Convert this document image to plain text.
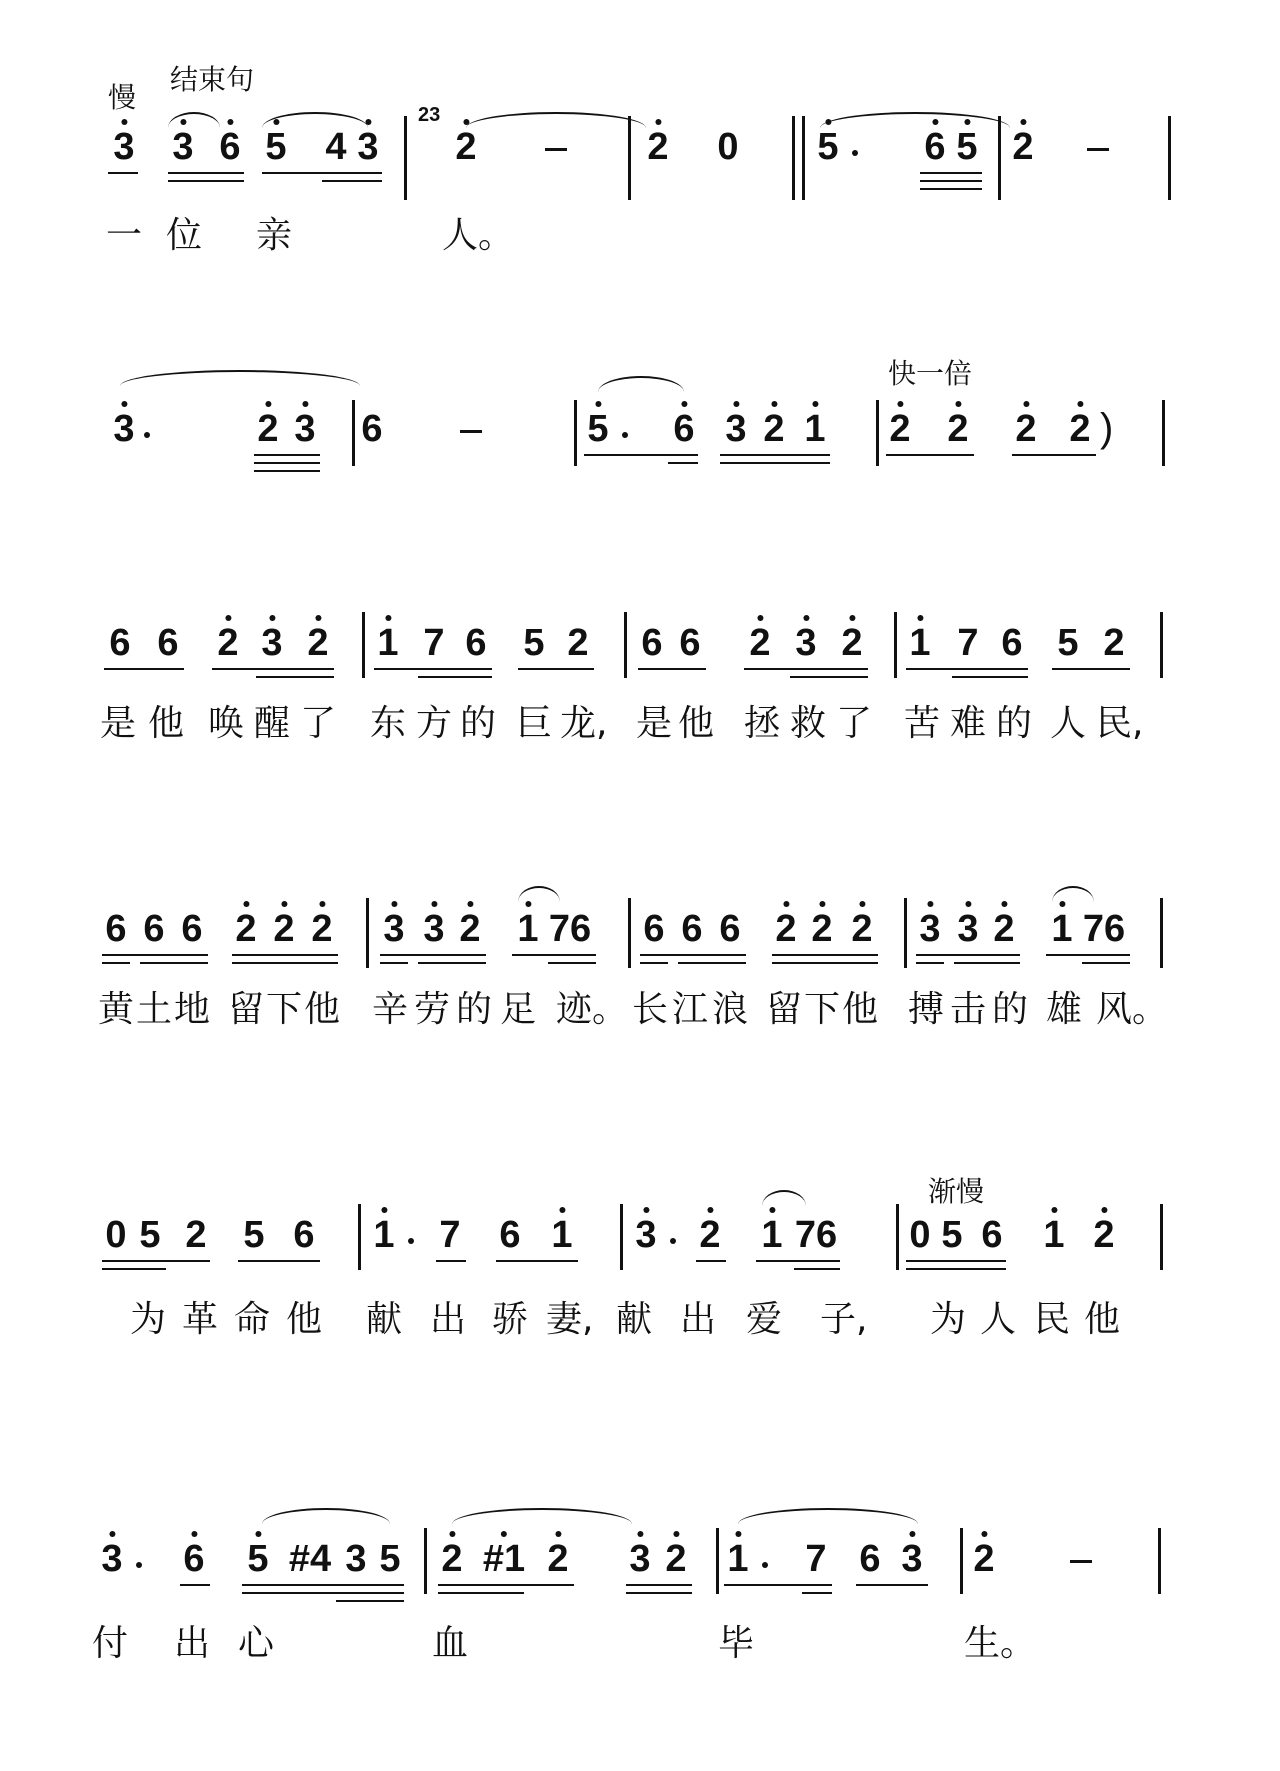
慢
结束句
3 3 6 5 4 3
23
2	2 0 5 6 5 2
一 位 亲	人。
快一倍
3	2 3 6	5 6 3 2 1 2 2 2 2 )
6 6 2 3 2 1 7 6 5 2 6 6 2 3 2 1 7 6 5 2
是 他 唤 醒 了 东 方 的 巨 龙, 是 他 拯 救 了 苦 难 的 人 民,
6 6 6 2 2 2 3 3 2 1 76 6 6 6 2 2 2 3 3 2 1 76
黄 土 地 留 下 他 辛 劳 的 足 迹。 长 江 浪 留 下 他 搏 击 的 雄 风。
渐慢
0 5 2 5 6 1 7 6 1 3 2 1 76 0 5 6 1 2
为 革 命 他 献 出 骄 妻, 献 出 爱 子, 为 人 民 他
3 6 5 #4 3 5 2 #1 2 3 2 1 7 6 3 2
付 出 心	血	毕	生。
